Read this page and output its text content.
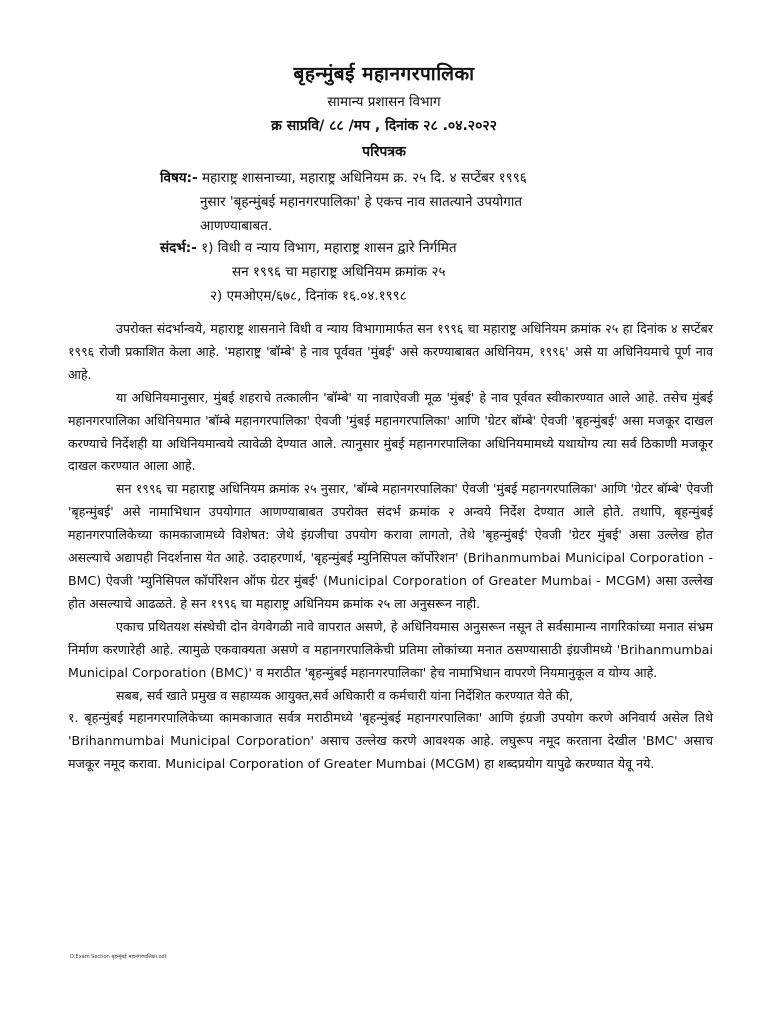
बृहन्मुंबई महानगरपालिका
सामान्य प्रशासन विभाग
क्र साप्रवि/ ८८ /मप , दिनांक २८ .०४.२०२२
परिपत्रक
विषय:- महाराष्ट्र शासनाच्या, महाराष्ट्र अधिनियम क्र. २५ दि. ४ सप्टेंबर १९९६
नुसार 'बृहन्मुंबई महानगरपालिका' हे एकच नाव सातत्याने उपयोगात
आणण्याबाबत.
संदर्भ:- १) विधी व न्याय विभाग, महाराष्ट्र शासन द्वारे निर्गमित
सन १९९६ चा महाराष्ट्र अधिनियम क्रमांक २५
२) एमओएम/६७८, दिनांक १६.०४.१९९८

उपरोक्त संदर्भान्वये, महाराष्ट्र शासनाने विधी व न्याय विभागामार्फत सन १९९६ चा महाराष्ट्र अधिनियम क्रमांक २५ हा दिनांक ४ सप्टेंबर १९९६ रोजी प्रकाशित केला आहे. 'महाराष्ट्र 'बॉम्बे' हे नाव पूर्ववत 'मुंबई' असे करण्याबाबत अधिनियम, १९९६' असे या अधिनियमाचे पूर्ण नाव आहे.

या अधिनियमानुसार, मुंबई शहराचे तत्कालीन 'बॉम्बे' या नावाऐवजी मूळ 'मुंबई' हे नाव पूर्ववत स्वीकारण्यात आले आहे. तसेच मुंबई महानगरपालिका अधिनियमात 'बॉम्बे महानगरपालिका' ऐवजी 'मुंबई महानगरपालिका' आणि 'ग्रेटर बॉम्बे' ऐवजी 'बृहन्मुंबई' असा मजकूर दाखल करण्याचे निर्देशही या अधिनियमान्वये त्यावेळी देण्यात आले. त्यानुसार मुंबई महानगरपालिका अधिनियमामध्ये यथायोग्य त्या सर्व ठिकाणी मजकूर दाखल करण्यात आला आहे.

सन १९९६ चा महाराष्ट्र अधिनियम क्रमांक २५ नुसार, 'बॉम्बे महानगरपालिका' ऐवजी 'मुंबई महानगरपालिका' आणि 'ग्रेटर बॉम्बे' ऐवजी 'बृहन्मुंबई' असे नामाभिधान उपयोगात आणण्याबाबत उपरोक्त संदर्भ क्रमांक २ अन्वये निर्देश देण्यात आले होते. तथापि, बृहन्मुंबई महानगरपालिकेच्या कामकाजामध्ये विशेषत: जेथे इंग्रजीचा उपयोग करावा लागतो, तेथे 'बृहन्मुंबई' ऐवजी 'ग्रेटर मुंबई' असा उल्लेख होत असल्याचे अद्यापही निदर्शनास येत आहे. उदाहरणार्थ, 'बृहन्मुंबई म्युनिसिपल कॉर्पोरेशन' (Brihanmumbai Municipal Corporation - BMC) ऐवजी 'म्युनिसिपल कॉर्पोरेशन ऑफ ग्रेटर मुंबई' (Municipal Corporation of Greater Mumbai - MCGM) असा उल्लेख होत असल्याचे आढळते. हे सन १९९६ चा महाराष्ट्र अधिनियम क्रमांक २५ ला अनुसरून नाही.

एकाच प्रथितयश संस्थेची दोन वेगवेगळी नावे वापरात असणे, हे अधिनियमास अनुसरून नसून ते सर्वसामान्य नागरिकांच्या मनात संभ्रम निर्माण करणारेही आहे. त्यामुळे एकवाक्यता असणे व महानगरपालिकेची प्रतिमा लोकांच्या मनात ठसण्यासाठी इंग्रजीमध्ये 'Brihanmumbai Municipal Corporation (BMC)' व मराठीत 'बृहन्मुंबई महानगरपालिका' हेच नामाभिधान वापरणे नियमानुकूल व योग्य आहे.

सबब, सर्व खाते प्रमुख व सहाय्यक आयुक्त,सर्व अधिकारी व कर्मचारी यांना निर्देशित करण्यात येते की,

१. बृहन्मुंबई महानगरपालिकेच्या कामकाजात सर्वत्र मराठीमध्ये 'बृहन्मुंबई महानगरपालिका' आणि इंग्रजी उपयोग करणे अनिवार्य असेल तिथे 'Brihanmumbai Municipal Corporation' असाच उल्लेख करणे आवश्यक आहे. लघुरूप नमूद करताना देखील 'BMC' असाच मजकूर नमूद करावा. Municipal Corporation of Greater Mumbai (MCGM) हा शब्दप्रयोग यापुढे करण्यात येवू नये.

D:Exam Section बृहन्मुंबई महानगरपालिका.odt
